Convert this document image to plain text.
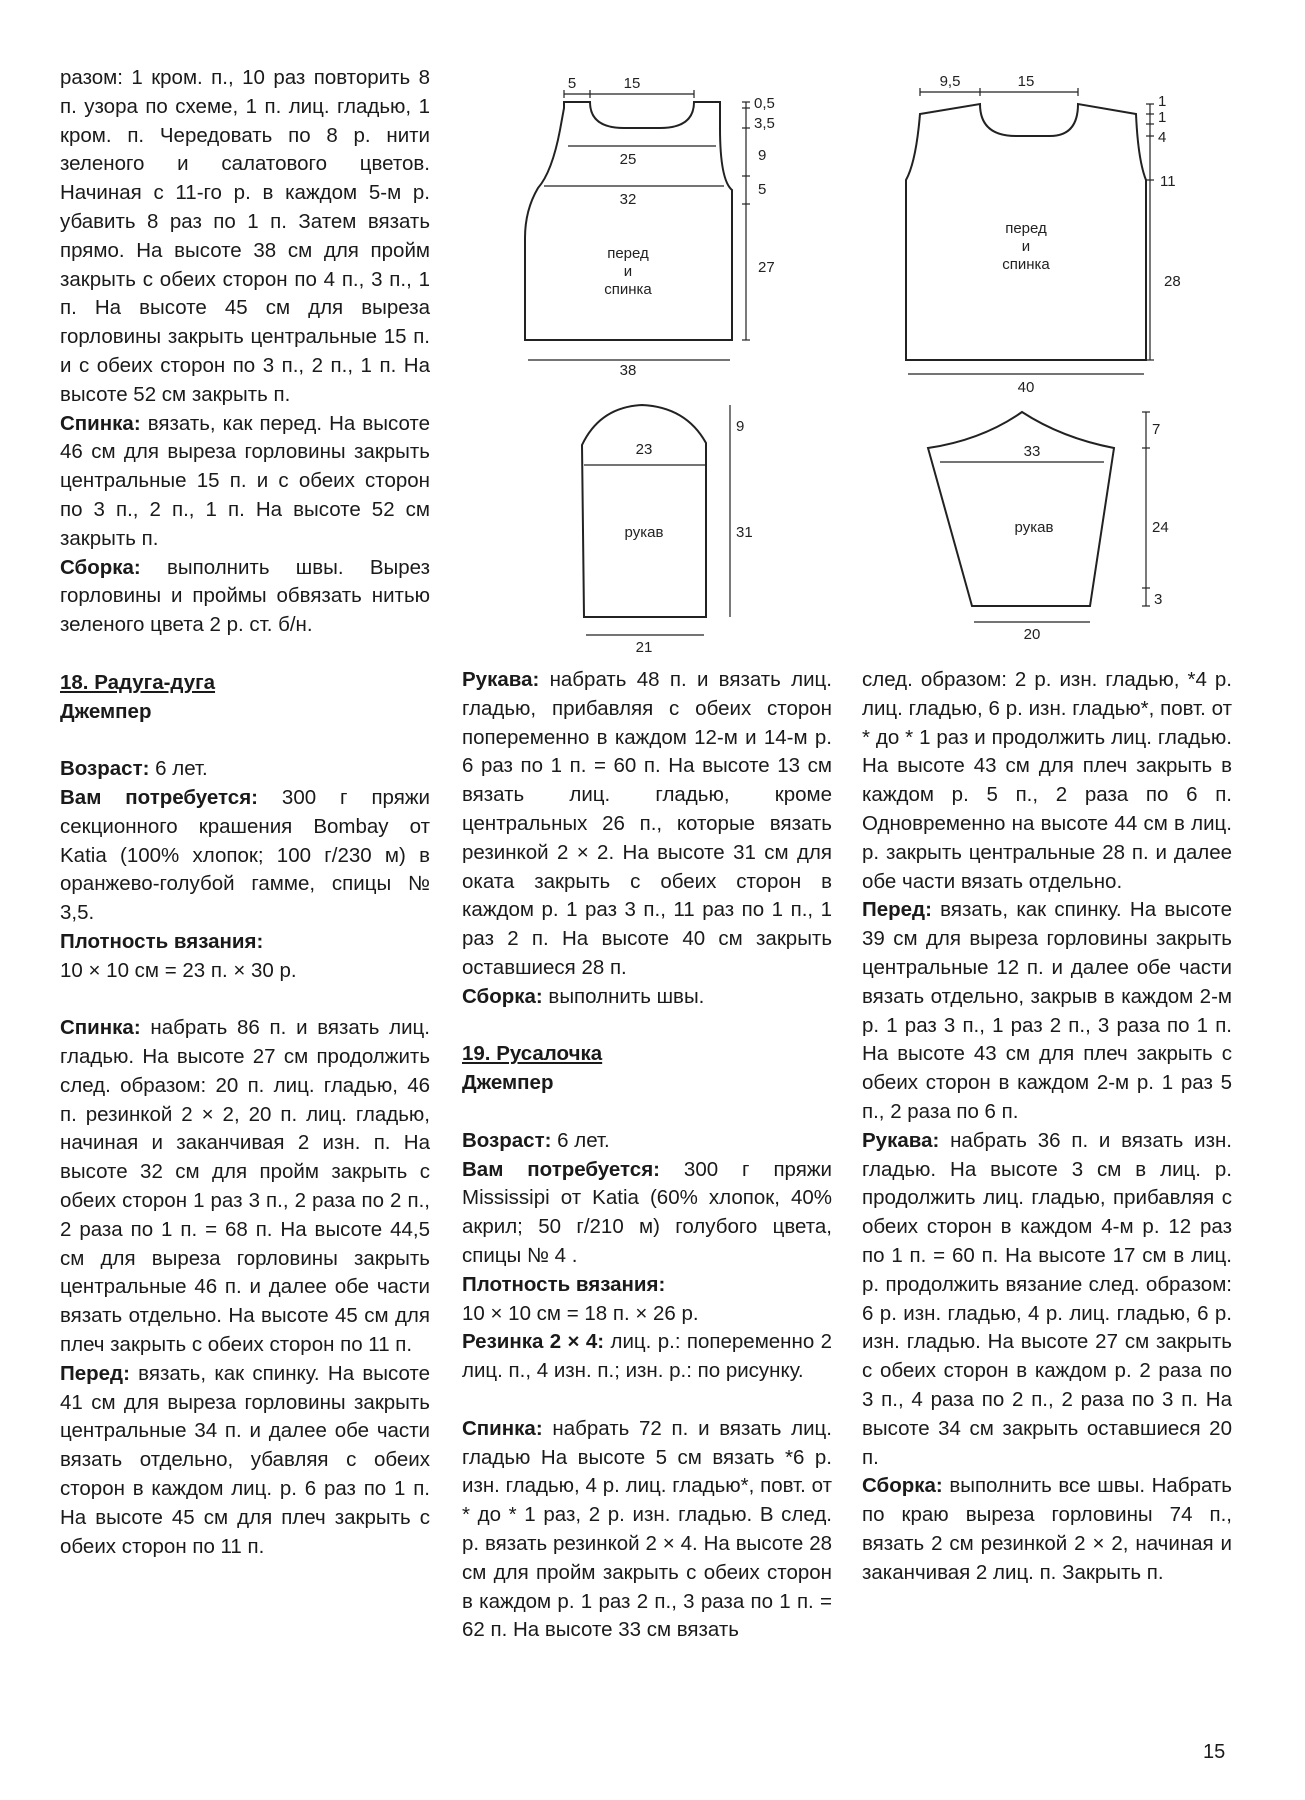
разом: 1 кром. п., 10 раз повторить 8 п. узора по схеме, 1 п. лиц. гладью, 1 кром. п. Чередовать по 8 р. нити зеленого и салатового цветов. Начиная с 11-го р. в каждом 5-м р. убавить 8 раз по 1 п. Затем вязать прямо. На высоте 38 см для пройм закрыть с обеих сторон по 4 п., 3 п., 1 п. На высоте 45 см для выреза горловины закрыть центральные 15 п. и с обеих сторон по 3 п., 2 п., 1 п. На высоте 52 см закрыть п.

Спинка: вязать, как перед. На высоте 46 см для выреза горловины закрыть центральные 15 п. и с обеих сторон по 3 п., 2 п., 1 п. На высоте 52 см закрыть п.

Сборка: выполнить швы. Вырез горловины и проймы обвязать нитью зеленого цвета 2 р. ст. б/н.

18. Радуга-дуга

Джемпер

Возраст: 6 лет.

Вам потребуется: 300 г пряжи секционного крашения Bombay от Katia (100% хлопок; 100 г/230 м) в оранжево-голубой гамме, спицы № 3,5.

Плотность вязания:

10 × 10 см = 23 п. × 30 р.

Спинка: набрать 86 п. и вязать лиц. гладью. На высоте 27 см продолжить след. образом: 20 п. лиц. гладью, 46 п. резинкой 2 × 2, 20 п. лиц. гладью, начиная и заканчивая 2 изн. п. На высоте 32 см для пройм закрыть с обеих сторон 1 раз 3 п., 2 раза по 2 п., 2 раза по 1 п. = 68 п. На высоте 44,5 см для выреза горловины закрыть центральные 46 п. и далее обе части вязать отдельно. На высоте 45 см для плеч закрыть с обеих сторон по 11 п.

Перед: вязать, как спинку. На высоте 41 см для выреза горловины закрыть центральные 34 п. и далее обе части вязать отдельно, убавляя с обеих сторон в каждом лиц. р. 6 раз по 1 п. На высоте 45 см для плеч закрыть с обеих сторон по 11 п.

Рукава: набрать 48 п. и вязать лиц. гладью, прибавляя с обеих сторон попеременно в каждом 12-м и 14-м р. 6 раз по 1 п. = 60 п. На высоте 13 см вязать лиц. гладью, кроме центральных 26 п., которые вязать резинкой 2 × 2. На высоте 31 см для оката закрыть с обеих сторон в каждом р. 1 раз 3 п., 11 раз по 1 п., 1 раз 2 п. На высоте 40 см закрыть оставшиеся 28 п.

Сборка: выполнить швы.

19. Русалочка

Джемпер

Возраст: 6 лет.

Вам потребуется: 300 г пряжи Mississipi от Katia (60% хлопок, 40% акрил; 50 г/210 м) голубого цвета, спицы № 4 .

Плотность вязания:

10 × 10 см = 18 п. × 26 р.

Резинка 2 × 4: лиц. р.: попеременно 2 лиц. п., 4 изн. п.; изн. р.: по рисунку.

Спинка: набрать 72 п. и вязать лиц. гладью На высоте 5 см вязать *6 р. изн. гладью, 4 р. лиц. гладью*, повт. от * до * 1 раз, 2 р. изн. гладью. В след. р. вязать резинкой 2 × 4. На высоте 28 см для пройм закрыть с обеих сторон в каждом р. 1 раз 2 п., 3 раза по 1 п. = 62 п. На высоте 33 см вязать

след. образом: 2 р. изн. гладью, *4 р. лиц. гладью, 6 р. изн. гладью*, повт. от * до * 1 раз и продолжить лиц. гладью. На высоте 43 см для плеч закрыть в каждом р. 5 п., 2 раза по 6 п. Одновременно на высоте 44 см в лиц. р. закрыть центральные 28 п. и далее обе части вязать отдельно.

Перед: вязать, как спинку. На высоте 39 см для выреза горловины закрыть центральные 12 п. и далее обе части вязать отдельно, закрыв в каждом 2-м р. 1 раз 3 п., 1 раз 2 п., 3 раза по 1 п. На высоте 43 см для плеч закрыть с обеих сторон в каждом 2-м р. 1 раз 5 п., 2 раза по 6 п.

Рукава: набрать 36 п. и вязать изн. гладью. На высоте 3 см в лиц. р. продолжить лиц. гладью, прибавляя с обеих сторон в каждом 4-м р. 12 раз по 1 п. = 60 п. На высоте 17 см в лиц. р. продолжить вязание след. образом: 6 р. изн. гладью, 4 р. лиц. гладью, 6 р. изн. гладью. На высоте 27 см закрыть с обеих сторон в каждом р. 2 раза по 3 п., 4 раза по 2 п., 2 раза по 3 п. На высоте 34 см закрыть оставшиеся 20 п.

Сборка: выполнить все швы. Набрать по краю выреза горловины 74 п., вязать 2 см резинкой 2 × 2, начиная и заканчивая 2 лиц. п. Закрыть п.

5	15
0,5
3,5
9
5
27
25
32
38
перед
и
спинка
23
21
9
31
рукав
9,5	15
1
1
4
11
28
40
перед
и
спинка
33
20
7
24
3
рукав
15
